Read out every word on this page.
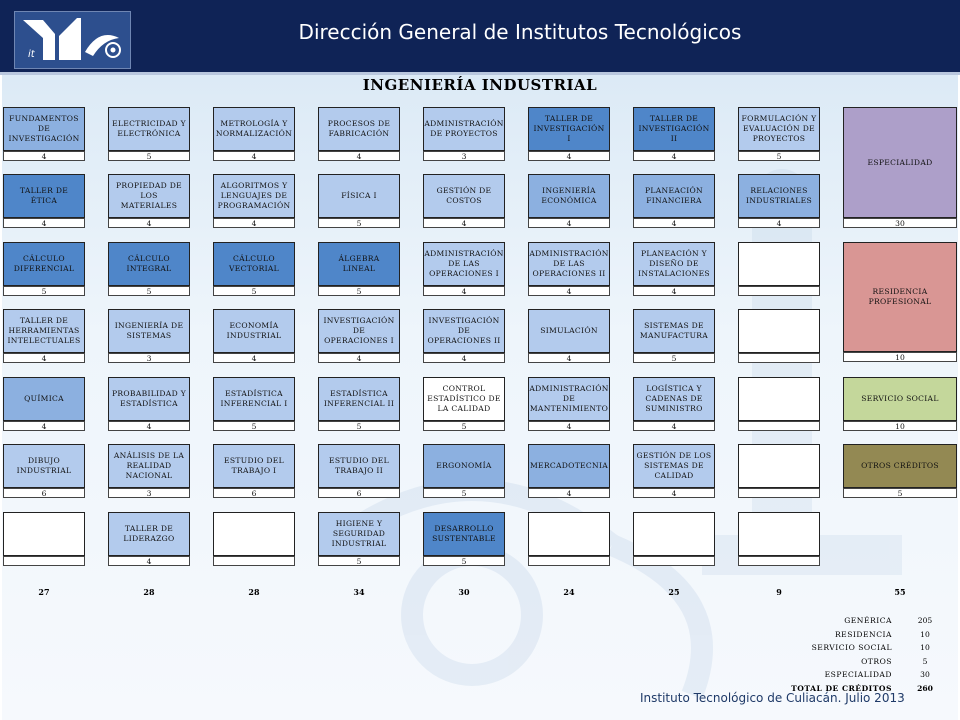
it
Dirección General de Institutos Tecnológicos
INGENIERÍA INDUSTRIAL
FUNDAMENTOS DE INVESTIGACIÓN
4
ELECTRICIDAD Y ELECTRÓNICA
5
METROLOGÍA Y NORMALIZACIÓN
4
PROCESOS DE FABRICACIÓN
4
ADMINISTRACIÓN DE PROYECTOS
3
TALLER DE INVESTIGACIÓN I
4
TALLER DE INVESTIGACIÓN II
4
FORMULACIÓN Y EVALUACIÓN DE PROYECTOS
5
TALLER DE ÉTICA
4
PROPIEDAD DE LOS MATERIALES
4
ALGORITMOS Y LENGUAJES DE PROGRAMACIÓN
4
FÍSICA I
5
GESTIÓN DE COSTOS
4
INGENIERÍA ECONÓMICA
4
PLANEACIÓN FINANCIERA
4
RELACIONES INDUSTRIALES
4
CÁLCULO DIFERENCIAL
5
CÁLCULO INTEGRAL
5
CÁLCULO VECTORIAL
5
ÁLGEBRA LINEAL
5
ADMINISTRACIÓN DE LAS OPERACIONES I
4
ADMINISTRACIÓN DE LAS OPERACIONES II
4
PLANEACIÓN Y DISEÑO DE INSTALACIONES
4
TALLER DE HERRAMIENTAS INTELECTUALES
4
INGENIERÍA DE SISTEMAS
3
ECONOMÍA INDUSTRIAL
4
INVESTIGACIÓN DE OPERACIONES I
4
INVESTIGACIÓN DE OPERACIONES II
4
SIMULACIÓN
4
SISTEMAS DE MANUFACTURA
5
QUÍMICA
4
PROBABILIDAD Y ESTADÍSTICA
4
ESTADÍSTICA INFERENCIAL I
5
ESTADÍSTICA INFERENCIAL II
5
CONTROL ESTADÍSTICO DE LA CALIDAD
5
ADMINISTRACIÓN DE MANTENIMIENTO
4
LOGÍSTICA Y CADENAS DE SUMINISTRO
4
DIBUJO INDUSTRIAL
6
ANÁLISIS DE LA REALIDAD NACIONAL
3
ESTUDIO DEL TRABAJO I
6
ESTUDIO DEL TRABAJO II
6
ERGONOMÍA
5
MERCADOTECNIA
4
GESTIÓN DE LOS SISTEMAS DE CALIDAD
4
TALLER DE LIDERAZGO
4
HIGIENE Y SEGURIDAD INDUSTRIAL
5
DESARROLLO SUSTENTABLE
5
ESPECIALIDAD
30
RESIDENCIA PROFESIONAL
10
SERVICIO SOCIAL
10
OTROS CRÉDITOS
5
27	28	28	34	30	24	25	9	55
GENÉRICA	205
RESIDENCIA	10
SERVICIO SOCIAL	10
OTROS	5
ESPECIALIDAD	30
TOTAL DE CRÉDITOS	260
Instituto Tecnológico de Culiacán. Julio 2013
